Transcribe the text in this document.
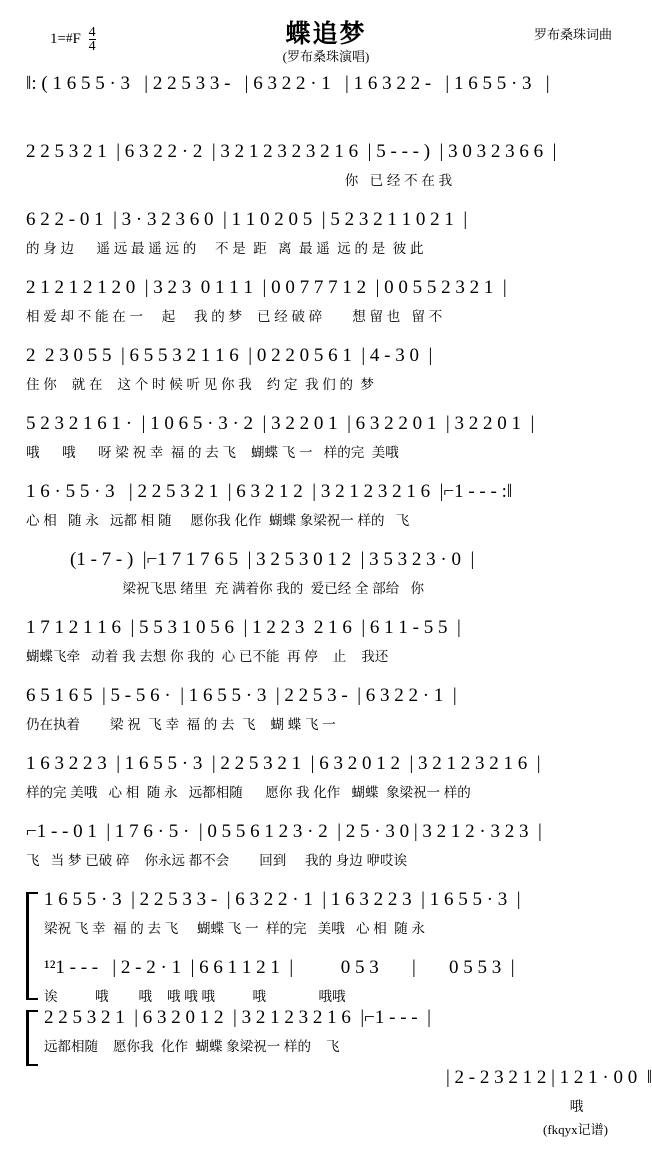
1=#F $\frac{4}{4}$	蝶追梦
(罗布桑珠演唱)
罗布桑珠词曲
‖: ( 1 6 5 5 · 3   | 2 2 5 3 3 -   | 6 3 2 2 · 1   | 1 6 3 2 2 -   | 1 6 5 5 · 3   |
2 2 5 3 2 1  | 6 3 2 2 · 2  | 3 2 1 2 3 2 3 2 1 6  | 5 - - - )  | 3 0 3 2 3 6 6  |
你   已 经 不 在 我
6 2 2 - 0 1  | 3 · 3 2 3 6 0  | 1 1 0 2 0 5  | 5 2 3 2 1 1 0 2 1  |
的 身 边      遥 远 最 遥 远 的     不 是  距   离  最 遥  远 的 是  彼 此
2 1 2 1 2 1 2 0  | 3 2 3  0 1 1 1  | 0 0 7 7 7 1 2  | 0 0 5 5 2 3 2 1  |
相 爱 却 不 能 在 一     起     我 的 梦    已 经 破 碎        想 留 也   留 不
2  2 3 0 5 5  | 6 5 5 3 2 1 1 6  | 0 2 2 0 5 6 1  | 4 - 3 0  |
住 你    就 在    这 个 时 候 听 见 你 我    约 定  我 们 的  梦
5 2 3 2 1 6 1 ·  | 1 0 6 5 · 3 · 2  | 3 2 2 0 1  | 6 3 2 2 0 1  | 3 2 2 0 1  |
哦      哦      呀 梁 祝 幸  福 的 去 飞    蝴蝶 飞 一   样的完  美哦
1 6 · 5 5 · 3   | 2 2 5 3 2 1  | 6 3 2 1 2  | 3 2 1 2 3 2 1 6  |⌐1 - - - :‖
心 相   随 永   远都 相 随     愿你我 化作  蝴蝶 象梁祝一 样的   飞
(1 - 7 - )  |⌐1 7 1 7 6 5  | 3 2 5 3 0 1 2  | 3 5 3 2 3 · 0  |
梁祝飞思 绪里  充 满着你 我的  爱已经 全 部给   你
1 7 1 2 1 1 6  | 5 5 3 1 0 5 6  | 1 2 2 3  2 1 6  | 6 1 1 - 5 5  |
蝴蝶飞牵   动着 我 去想 你 我的  心 已不能  再 停    止    我还
6 5 1 6 5  | 5 - 5 6 ·  | 1 6 5 5 · 3  | 2 2 5 3 -  | 6 3 2 2 · 1  |
仍在执着        梁 祝  飞 幸  福 的 去  飞    蝴 蝶 飞 一
1 6 3 2 2 3  | 1 6 5 5 · 3  | 2 2 5 3 2 1  | 6 3 2 0 1 2  | 3 2 1 2 3 2 1 6  |
样的完 美哦   心 相  随 永   远都相随      愿你 我 化作   蝴蝶  象梁祝一 样的
⌐1 - - 0 1  | 1 7 6 · 5 ·  | 0 5 5 6 1 2 3 · 2  | 2 5 · 3 0 | 3 2 1 2 · 3 2 3  |
飞   当 梦 已破 碎    你永远 都不会        回到     我的 身边 咿哎诶
1 6 5 5 · 3  | 2 2 5 3 3 -  | 6 3 2 2 · 1  | 1 6 3 2 2 3  | 1 6 5 5 · 3  |
梁祝 飞 幸  福 的 去 飞     蝴蝶 飞 一  样的完   美哦   心 相  随 永
¹²1 - - -   | 2 - 2 · 1  | 6 6 1 1 2 1  |          0 5 3       |       0 5 5 3  |
诶          哦        哦    哦 哦 哦          哦              哦哦
2 2 5 3 2 1  | 6 3 2 0 1 2  | 3 2 1 2 3 2 1 6  |⌐1 - - -  |
远都相随    愿你我  化作  蝴蝶 象梁祝一 样的    飞
| 2 - 2 3 2 1 2 | 1 2 1 · 0 0  ‖
哦
(fkqyx记谱)
